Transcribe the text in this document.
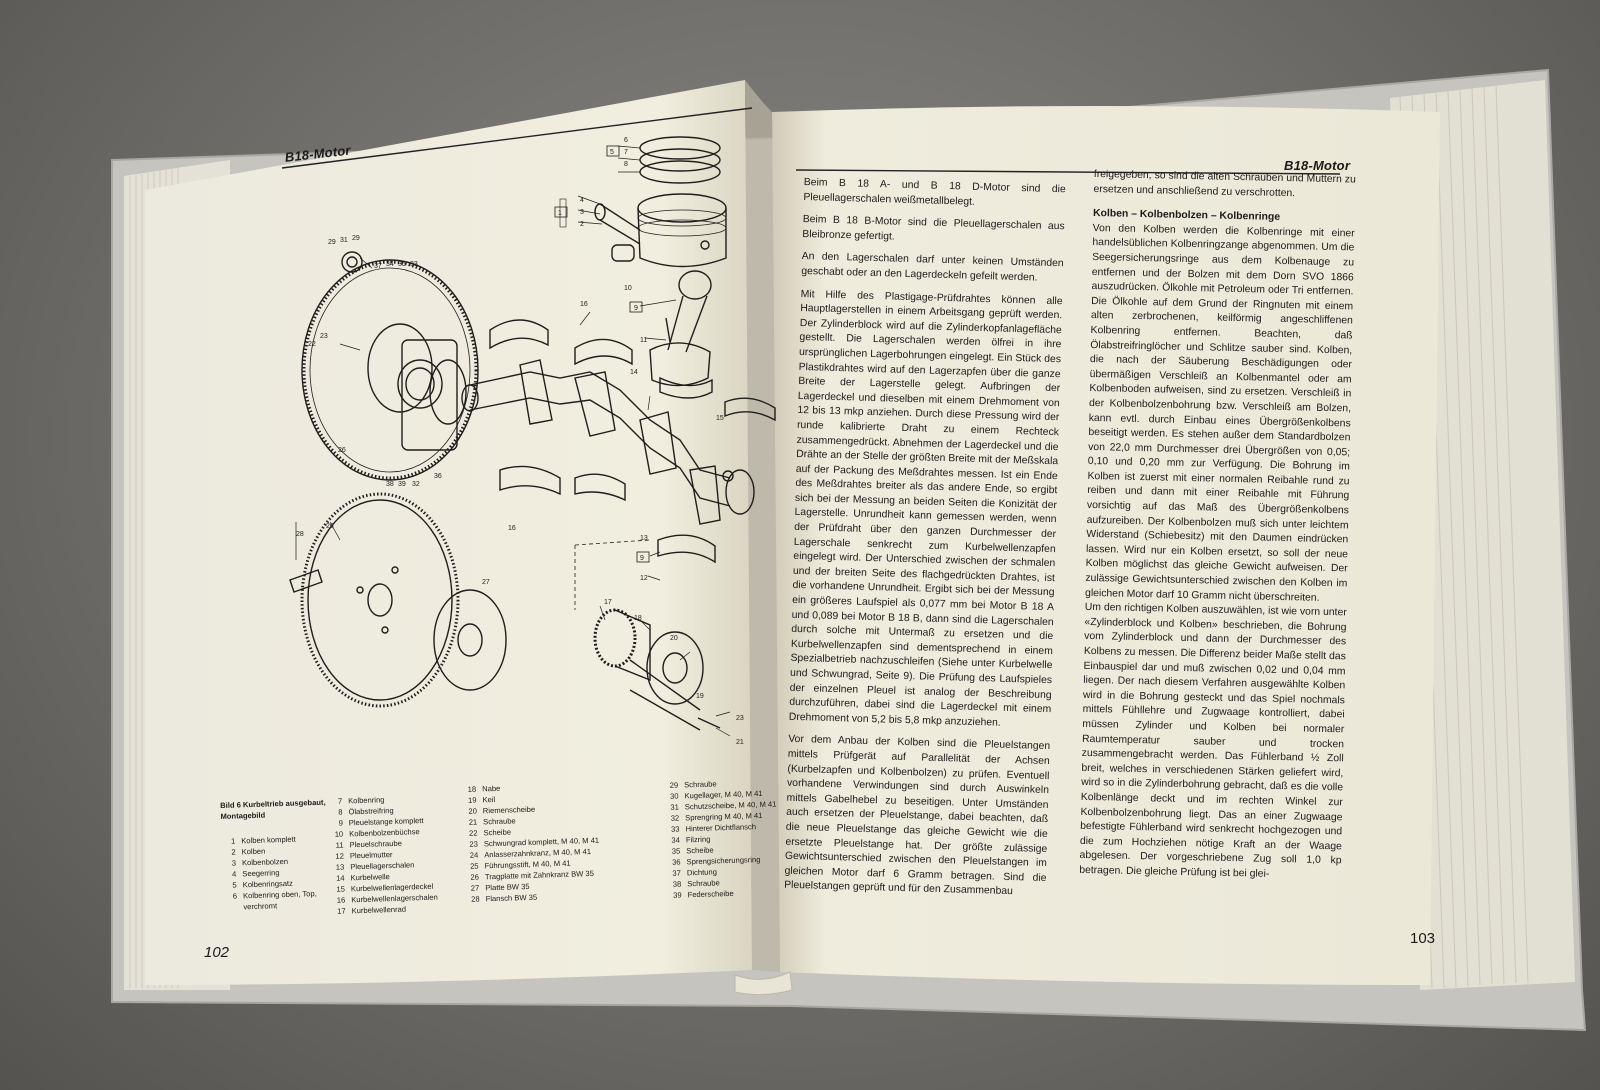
6
7
8
5
4
3
2
1
10
9
11
16
14
15
16
13
9
12
17
18
20
23
21
19
29 31 29
37 34 35 33
22
23
26
38 39 32
36
28
26
27
B18-Motor
Bild 6 Kurbeltrieb ausgebaut,
Montagebild
1 Kolben komplett
2 Kolben
3 Kolbenbolzen
4 Seegerring
5 Kolbenringsatz
6 Kolbenring oben, Top,
verchromt
7 Kolbenring
8 Ölabstreifring
9 Pleuelstange komplett
10 Kolbenbolzenbüchse
11 Pleuelschraube
12 Pleuelmutter
13 Pleuellagerschalen
14 Kurbelwelle
15 Kurbelwellenlagerdeckel
16 Kurbelwellenlagerschalen
17 Kurbelwellenrad
18 Nabe
19 Keil
20 Riemenscheibe
21 Schraube
22 Scheibe
23 Schwungrad komplett, M 40, M 41
24 Anlasserzahnkranz, M 40, M 41
25 Führungsstift, M 40, M 41
26 Tragplatte mit Zahnkranz BW 35
27 Platte BW 35
28 Flansch BW 35
29 Schraube
30 Kugellager, M 40, M 41
31 Schutzscheibe, M 40, M 41
32 Sprengring M 40, M 41
33 Hinterer Dichtflansch
34 Filzring
35 Scheibe
36 Sprengsicherungsring
37 Dichtung
38 Schraube
39 Federscheibe
102
B18-Motor

Beim B 18 A- und B 18 D-Motor sind die Pleuellagerschalen weißmetallbelegt.

Beim B 18 B-Motor sind die Pleuellagerschalen aus Bleibronze gefertigt.

An den Lagerschalen darf unter keinen Umständen geschabt oder an den Lagerdeckeln gefeilt werden.

Mit Hilfe des Plastigage-Prüfdrahtes können alle Hauptlagerstellen in einem Arbeitsgang geprüft werden. Der Zylinderblock wird auf die Zylinderkopfanlagefläche gestellt. Die Lagerschalen werden ölfrei in ihre ursprünglichen Lagerbohrungen eingelegt. Ein Stück des Plastikdrahtes wird auf den Lagerzapfen über die ganze Breite der Lagerstelle gelegt. Aufbringen der Lagerdeckel und dieselben mit einem Drehmoment von 12 bis 13 mkp anziehen. Durch diese Pressung wird der runde kalibrierte Draht zu einem Rechteck zusammengedrückt. Abnehmen der Lagerdeckel und die Drähte an der Stelle der größten Breite mit der Meßskala auf der Packung des Meßdrahtes messen. Ist ein Ende des Meßdrahtes breiter als das andere Ende, so ergibt sich bei der Messung an beiden Seiten die Konizität der Lagerstelle. Unrundheit kann gemessen werden, wenn der Prüfdraht über den ganzen Durchmesser der Lagerschale senkrecht zum Kurbelwellenzapfen eingelegt wird. Der Unterschied zwischen der schmalen und der breiten Seite des flachgedrückten Drahtes, ist die vorhandene Unrundheit. Ergibt sich bei der Messung ein größeres Laufspiel als 0,077 mm bei Motor B 18 A und 0,089 bei Motor B 18 B, dann sind die Lagerschalen durch solche mit Untermaß zu ersetzen und die Kurbelwellenzapfen sind dementsprechend in einem Spezialbetrieb nachzuschleifen (Siehe unter Kurbelwelle und Schwungrad, Seite 9). Die Prüfung des Laufspieles der einzelnen Pleuel ist analog der Beschreibung durchzuführen, dabei sind die Lagerdeckel mit einem Drehmoment von 5,2 bis 5,8 mkp anzuziehen.

Vor dem Anbau der Kolben sind die Pleuelstangen mittels Prüfgerät auf Parallelität der Achsen (Kurbelzapfen und Kolbenbolzen) zu prüfen. Eventuell vorhandene Verwindungen sind durch Auswinkeln mittels Gabelhebel zu beseitigen. Unter Umständen auch ersetzen der Pleuelstange, dabei beachten, daß die neue Pleuelstange das gleiche Gewicht wie die ersetzte Pleuelstange hat. Der größte zulässige Gewichtsunterschied zwischen den Pleuelstangen im gleichen Motor darf 6 Gramm betragen. Sind die Pleuelstangen geprüft und für den Zusammenbau

freigegeben, so sind die alten Schrauben und Muttern zu ersetzen und anschließend zu verschrotten.

Kolben – Kolbenbolzen – Kolbenringe

Von den Kolben werden die Kolbenringe mit einer handelsüblichen Kolbenringzange abgenommen. Um die Seegersicherungsringe aus dem Kolbenauge zu entfernen und der Bolzen mit dem Dorn SVO 1866 auszudrücken. Ölkohle mit Petroleum oder Tri entfernen. Die Ölkohle auf dem Grund der Ringnuten mit einem alten zerbrochenen, keilförmig angeschliffenen Kolbenring entfernen. Beachten, daß Ölabstreifringlöcher und Schlitze sauber sind. Kolben, die nach der Säuberung Beschädigungen oder übermäßigen Verschleiß an Kolbenmantel oder am Kolbenboden aufweisen, sind zu ersetzen. Verschleiß in der Kolbenbolzenbohrung bzw. Verschleiß am Bolzen, kann evtl. durch Einbau eines Übergrößenkolbens beseitigt werden. Es stehen außer dem Standardbolzen von 22,0 mm Durchmesser drei Übergrößen von 0,05; 0,10 und 0,20 mm zur Verfügung. Die Bohrung im Kolben ist zuerst mit einer normalen Reibahle rund zu reiben und dann mit einer Reibahle mit Führung vorsichtig auf das Maß des Übergrößenkolbens aufzureiben. Der Kolbenbolzen muß sich unter leichtem Widerstand (Schiebesitz) mit den Daumen eindrücken lassen. Wird nur ein Kolben ersetzt, so soll der neue Kolben möglichst das gleiche Gewicht aufweisen. Der zulässige Gewichtsunterschied zwischen den Kolben im gleichen Motor darf 10 Gramm nicht überschreiten.

Um den richtigen Kolben auszuwählen, ist wie vorn unter «Zylinderblock und Kolben» beschrieben, die Bohrung vom Zylinderblock und dann der Durchmesser des Kolbens zu messen. Die Differenz beider Maße stellt das Einbauspiel dar und muß zwischen 0,02 und 0,04 mm liegen. Der nach diesem Verfahren ausgewählte Kolben wird in die Bohrung gesteckt und das Spiel nochmals mittels Fühllehre und Zugwaage kontrolliert, dabei müssen Zylinder und Kolben bei normaler Raumtemperatur sauber und trocken zusammengebracht werden. Das Fühlerband ½ Zoll breit, welches in verschiedenen Stärken geliefert wird, wird so in die Zylinderbohrung gebracht, daß es die volle Kolbenlänge deckt und im rechten Winkel zur Kolbenbolzenbohrung liegt. Das an einer Zugwaage befestigte Fühlerband wird senkrecht hochgezogen und die zum Hochziehen nötige Kraft an der Waage abgelesen. Der vorgeschriebene Zug soll 1,0 kp betragen. Die gleiche Prüfung ist bei glei-

103
